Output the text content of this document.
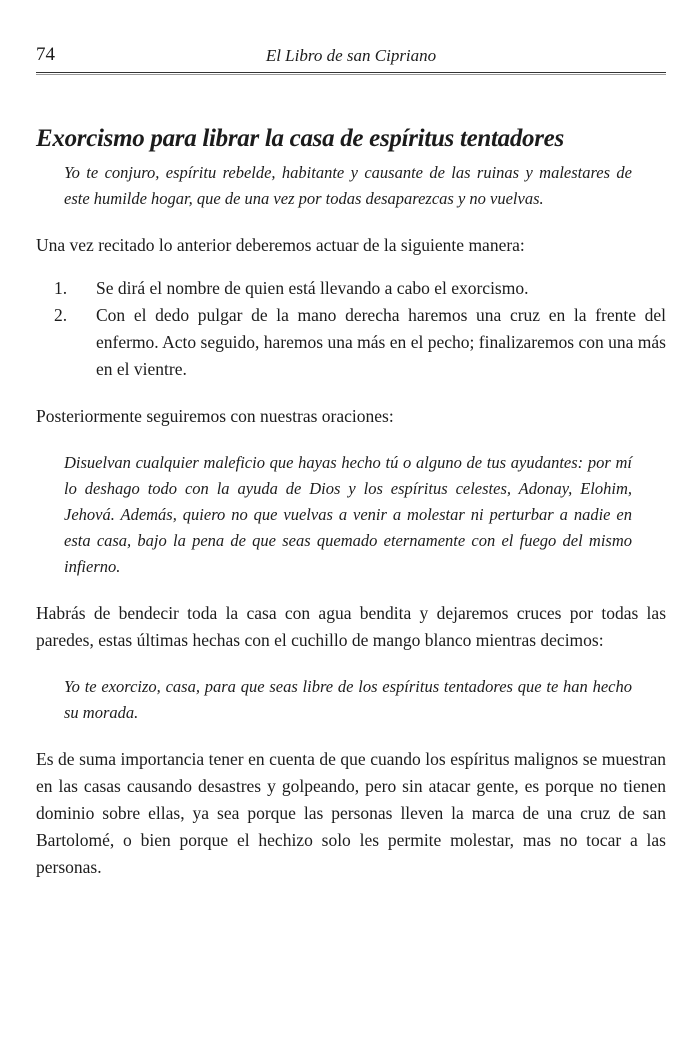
74	El Libro de san Cipriano
Exorcismo para librar la casa de espíritus tentadores

Yo te conjuro, espíritu rebelde, habitante y causante de las ruinas y malestares de este humilde hogar, que de una vez por todas desaparezcas y no vuelvas.

Una vez recitado lo anterior deberemos actuar de la siguiente manera:

1. Se dirá el nombre de quien está llevando a cabo el exorcismo.
2. Con el dedo pulgar de la mano derecha haremos una cruz en la frente del enfermo. Acto seguido, haremos una más en el pecho; finalizaremos con una más en el vientre.

Posteriormente seguiremos con nuestras oraciones:

Disuelvan cualquier maleficio que hayas hecho tú o alguno de tus ayudantes: por mí lo deshago todo con la ayuda de Dios y los espíritus celestes, Adonay, Elohim, Jehová. Además, quiero no que vuelvas a venir a molestar ni perturbar a nadie en esta casa, bajo la pena de que seas quemado eternamente con el fuego del mismo infierno.

Habrás de bendecir toda la casa con agua bendita y dejaremos cruces por todas las paredes, estas últimas hechas con el cuchillo de mango blanco mientras decimos:

Yo te exorcizo, casa, para que seas libre de los espíritus tentadores que te han hecho su morada.

Es de suma importancia tener en cuenta de que cuando los espíritus malignos se muestran en las casas causando desastres y golpeando, pero sin atacar gente, es porque no tienen dominio sobre ellas, ya sea porque las personas lleven la marca de una cruz de san Bartolomé, o bien porque el hechizo solo les permite molestar, mas no tocar a las personas.
